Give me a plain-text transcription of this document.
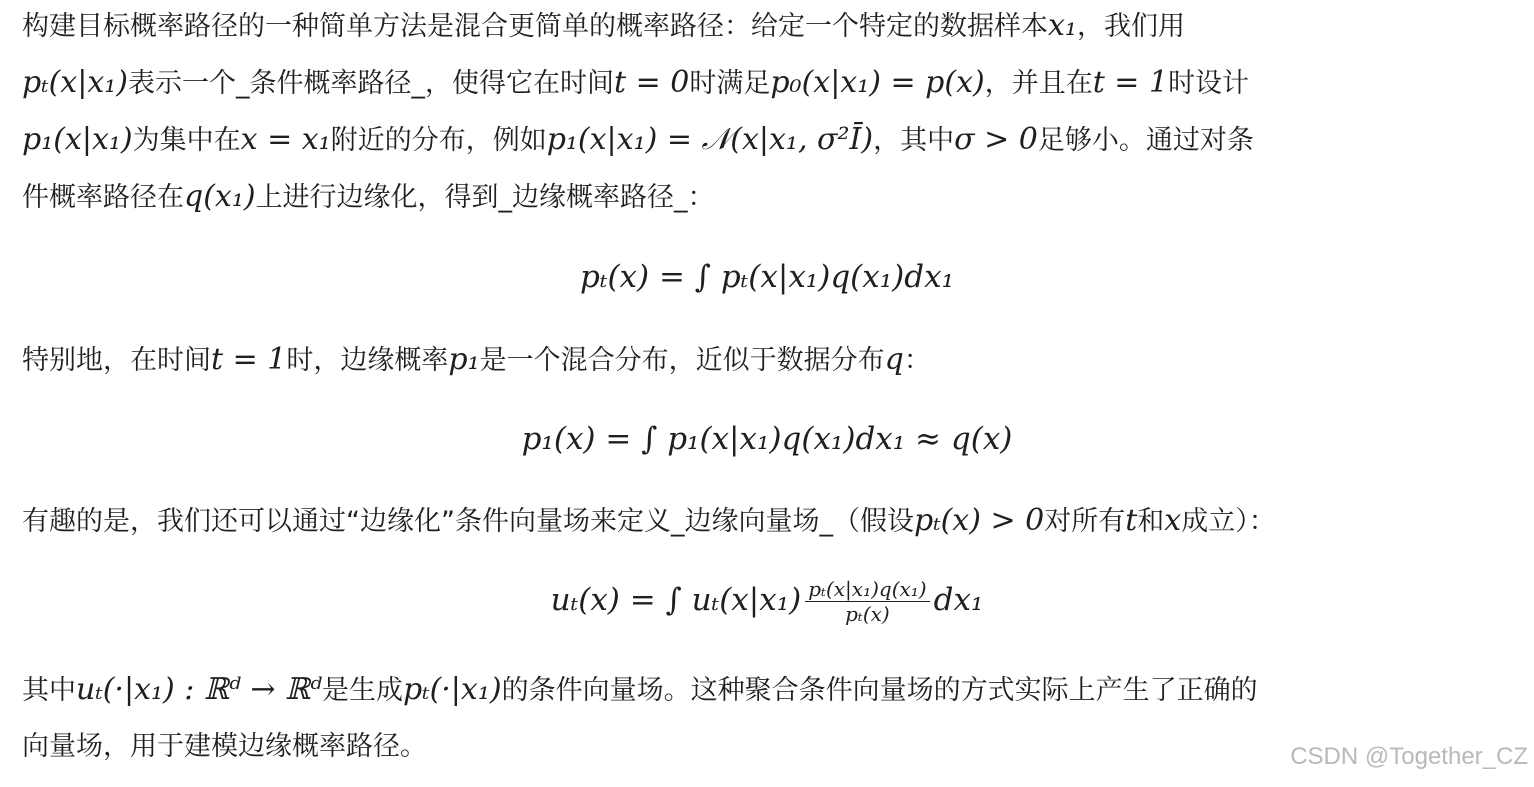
构建目标概率路径的一种简单方法是混合更简单的概率路径：给定一个特定的数据样本x₁，我们用
pₜ(x|x₁)表示一个_条件概率路径_，使得它在时间t = 0时满足p₀(x|x₁) = p(x)，并且在t = 1时设计
p₁(x|x₁)为集中在x = x₁附近的分布，例如p₁(x|x₁) = 𝒩(x|x₁, σ²Ī)，其中σ > 0足够小。通过对条
件概率路径在q(x₁)上进行边缘化，得到_边缘概率路径_：
pₜ(x) = ∫ pₜ(x|x₁)q(x₁)dx₁
特别地，在时间t = 1时，边缘概率p₁是一个混合分布，近似于数据分布q：
p₁(x) = ∫ p₁(x|x₁)q(x₁)dx₁ ≈ q(x)
有趣的是，我们还可以通过“边缘化”条件向量场来定义_边缘向量场_（假设pₜ(x) > 0对所有t和x成立）：
uₜ(x) = ∫ $u_t(x|x_1) \frac{\text{pₜ(x|x₁)q(x₁)}}{\text{pₜ(x)}} dx_1$
其中uₜ(·|x₁) : ℝᵈ → ℝᵈ是生成pₜ(·|x₁)的条件向量场。这种聚合条件向量场的方式实际上产生了正确的
向量场，用于建模边缘概率路径。	CSDN @Together_CZ
